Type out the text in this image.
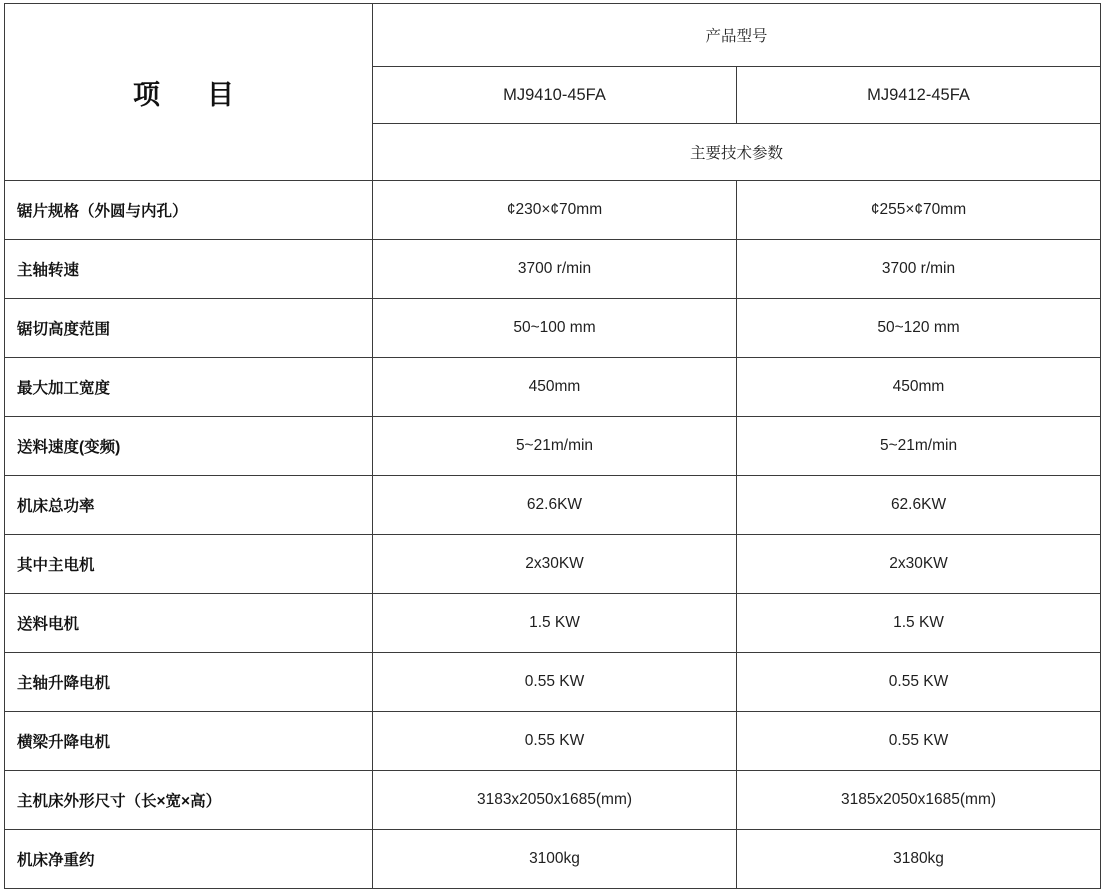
项　目	产品型号	

	MJ9410-45FA	MJ9412-45FA

	主要技术参数	

锯片规格（外圆与内孔）	¢230×¢70mm	¢255×¢70mm

主轴转速	3700 r/min	3700 r/min

锯切高度范围	50~100 mm	50~120 mm

最大加工宽度	450mm	450mm

送料速度(变频)	5~21m/min	5~21m/min

机床总功率	62.6KW	62.6KW

其中主电机	2x30KW	2x30KW

送料电机	1.5 KW	1.5 KW

主轴升降电机	0.55 KW	0.55 KW

横梁升降电机	0.55 KW	0.55 KW

主机床外形尺寸（长×宽×高）	3183x2050x1685(mm)	3185x2050x1685(mm)

机床净重约	3100kg	3180kg
